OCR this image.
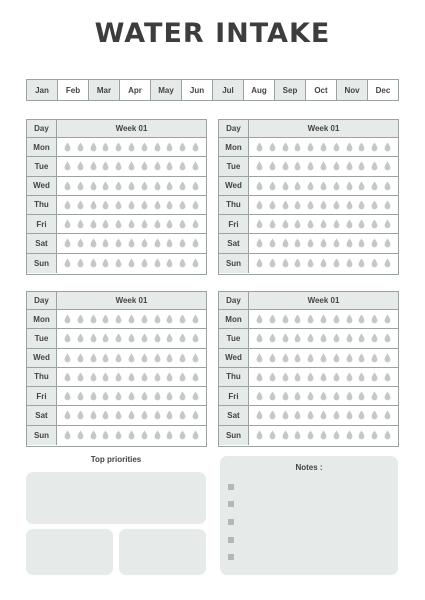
WATER INTAKE
Jan	Feb	Mar	Apr	May	Jun	Jul	Aug	Sep	Oct	Nov	Dec
Day	Week 01
Mon
Tue
Wed
Thu
Fri
Sat
Sun
Day	Week 01
Mon
Tue
Wed
Thu
Fri
Sat
Sun
Day	Week 01
Mon
Tue
Wed
Thu
Fri
Sat
Sun
Day	Week 01
Mon
Tue
Wed
Thu
Fri
Sat
Sun
Top priorities
Notes :
